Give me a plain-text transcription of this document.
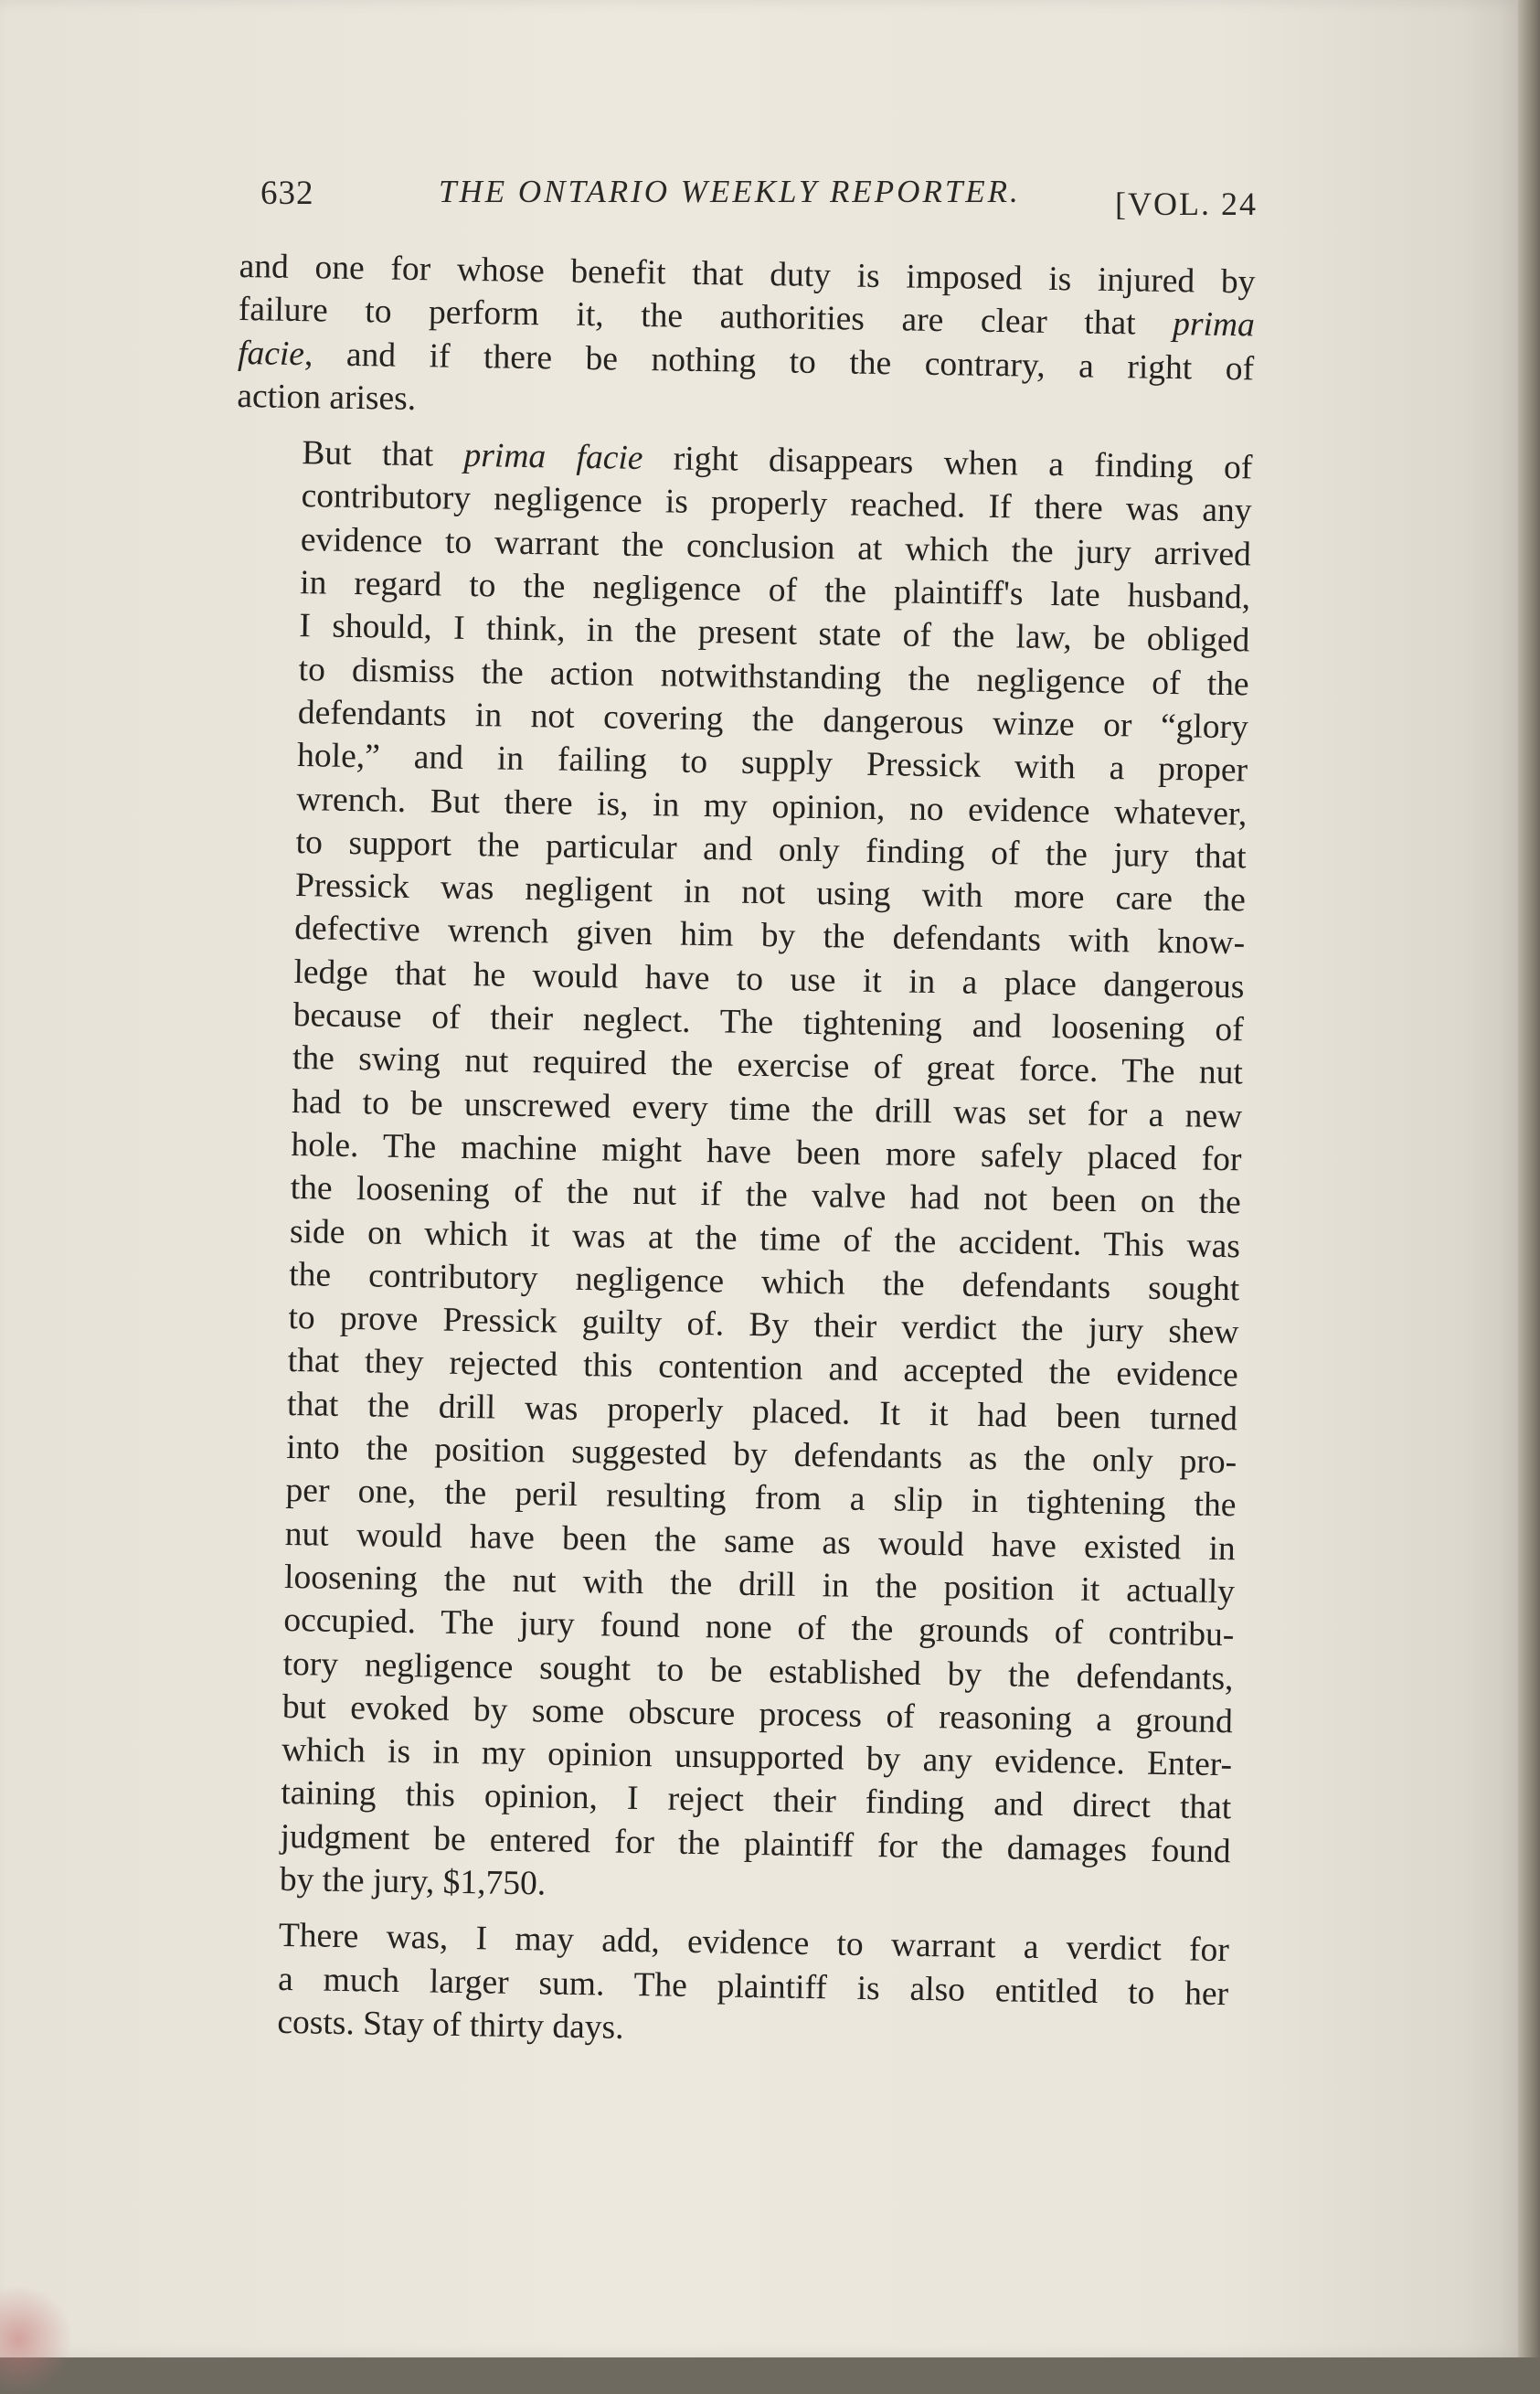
632	THE ONTARIO WEEKLY REPORTER.	[VOL. 24

and one for whose benefit that duty is imposed is injured by
failure to perform it, the authorities are clear that prima
facie, and if there be nothing to the contrary, a right of
action arises.

But that prima facie right disappears when a finding of
contributory negligence is properly reached. If there was any
evidence to warrant the conclusion at which the jury arrived
in regard to the negligence of the plaintiff's late husband,
I should, I think, in the present state of the law, be obliged
to dismiss the action notwithstanding the negligence of the
defendants in not covering the dangerous winze or “glory
hole,” and in failing to supply Pressick with a proper
wrench. But there is, in my opinion, no evidence whatever,
to support the particular and only finding of the jury that
Pressick was negligent in not using with more care the
defective wrench given him by the defendants with know-
ledge that he would have to use it in a place dangerous
because of their neglect. The tightening and loosening of
the swing nut required the exercise of great force. The nut
had to be unscrewed every time the drill was set for a new
hole. The machine might have been more safely placed for
the loosening of the nut if the valve had not been on the
side on which it was at the time of the accident. This was
the contributory negligence which the defendants sought
to prove Pressick guilty of. By their verdict the jury shew
that they rejected this contention and accepted the evidence
that the drill was properly placed. It it had been turned
into the position suggested by defendants as the only pro-
per one, the peril resulting from a slip in tightening the
nut would have been the same as would have existed in
loosening the nut with the drill in the position it actually
occupied. The jury found none of the grounds of contribu-
tory negligence sought to be established by the defendants,
but evoked by some obscure process of reasoning a ground
which is in my opinion unsupported by any evidence. Enter-
taining this opinion, I reject their finding and direct that
judgment be entered for the plaintiff for the damages found
by the jury, $1,750.

There was, I may add, evidence to warrant a verdict for
a much larger sum. The plaintiff is also entitled to her
costs. Stay of thirty days.
